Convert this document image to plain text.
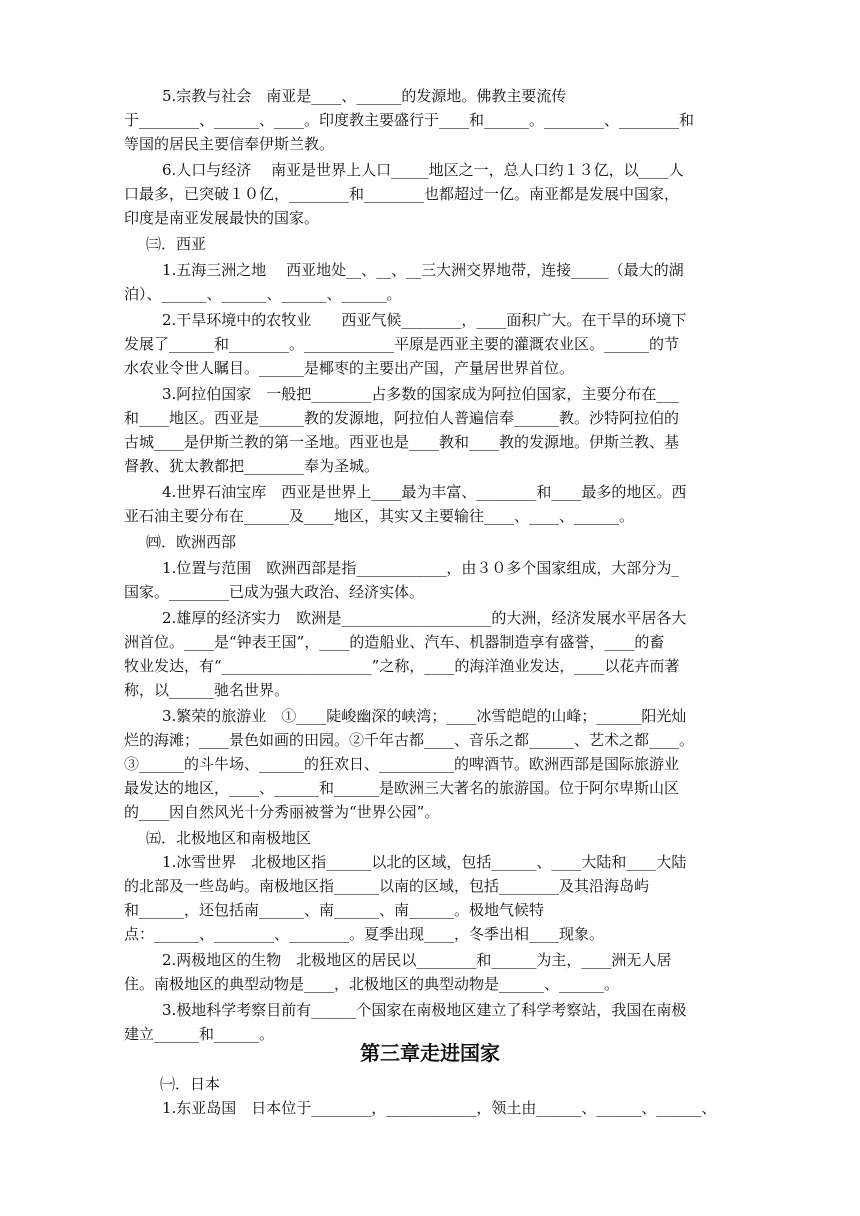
5.宗教与社会　南亚是____、______的发源地。佛教主要流传
于________、______、____。印度教主要盛行于____和______。________、________和
等国的居民主要信奉伊斯兰教。
6.人口与经济　 南亚是世界上人口_____地区之一，总人口约１３亿，以____人
口最多，已突破１０亿，________和________也都超过一亿。南亚都是发展中国家，
印度是南亚发展最快的国家。
㈢．西亚
1.五海三洲之地　 西亚地处__、__、__三大洲交界地带，连接_____（最大的湖
泊）、______、______、______、______。
2.干旱环境中的农牧业　　西亚气候________，____面积广大。在干旱的环境下
发展了______和________。____________平原是西亚主要的灌溉农业区。______的节
水农业令世人瞩目。______是椰枣的主要出产国，产量居世界首位。
3.阿拉伯国家　一般把________占多数的国家成为阿拉伯国家，主要分布在___
和____地区。西亚是______教的发源地，阿拉伯人普遍信奉______教。沙特阿拉伯的
古城____是伊斯兰教的第一圣地。西亚也是____教和____教的发源地。伊斯兰教、基
督教、犹太教都把________奉为圣城。
4.世界石油宝库　西亚是世界上____最为丰富、________和____最多的地区。西
亚石油主要分布在______及____地区，其实又主要输往____、____、______。
㈣．欧洲西部
1.位置与范围　欧洲西部是指____________，由３０多个国家组成，大部分为_
国家。________已成为强大政治、经济实体。
2.雄厚的经济实力　欧洲是____________________的大洲，经济发展水平居各大
洲首位。____是“钟表王国”，____的造船业、汽车、机器制造享有盛誉，____的畜
牧业发达，有“____________________”之称，____的海洋渔业发达，____以花卉而著
称，以______驰名世界。
3.繁荣的旅游业　①____陡峻幽深的峡湾；____冰雪皑皑的山峰；______阳光灿
烂的海滩；____景色如画的田园。②千年古都____、音乐之都______、艺术之都____。
③______的斗牛场、______的狂欢日、__________的啤酒节。欧洲西部是国际旅游业
最发达的地区，____、______和______是欧洲三大著名的旅游国。位于阿尔卑斯山区
的____因自然风光十分秀丽被誉为“世界公园”。
㈤．北极地区和南极地区
1.冰雪世界　北极地区指______以北的区域，包括______、____大陆和____大陆
的北部及一些岛屿。南极地区指______以南的区域，包括________及其沿海岛屿
和______，还包括南______、南______、南______。极地气候特
点：______、________、________。夏季出现____，冬季出相____现象。
2.两极地区的生物　北极地区的居民以________和______为主，____洲无人居
住。南极地区的典型动物是____，北极地区的典型动物是______、______。
3.极地科学考察目前有______个国家在南极地区建立了科学考察站，我国在南极
建立______和______。
㈠．日本
1.东亚岛国　日本位于________，____________，领土由______、______、______、
第三章走进国家
